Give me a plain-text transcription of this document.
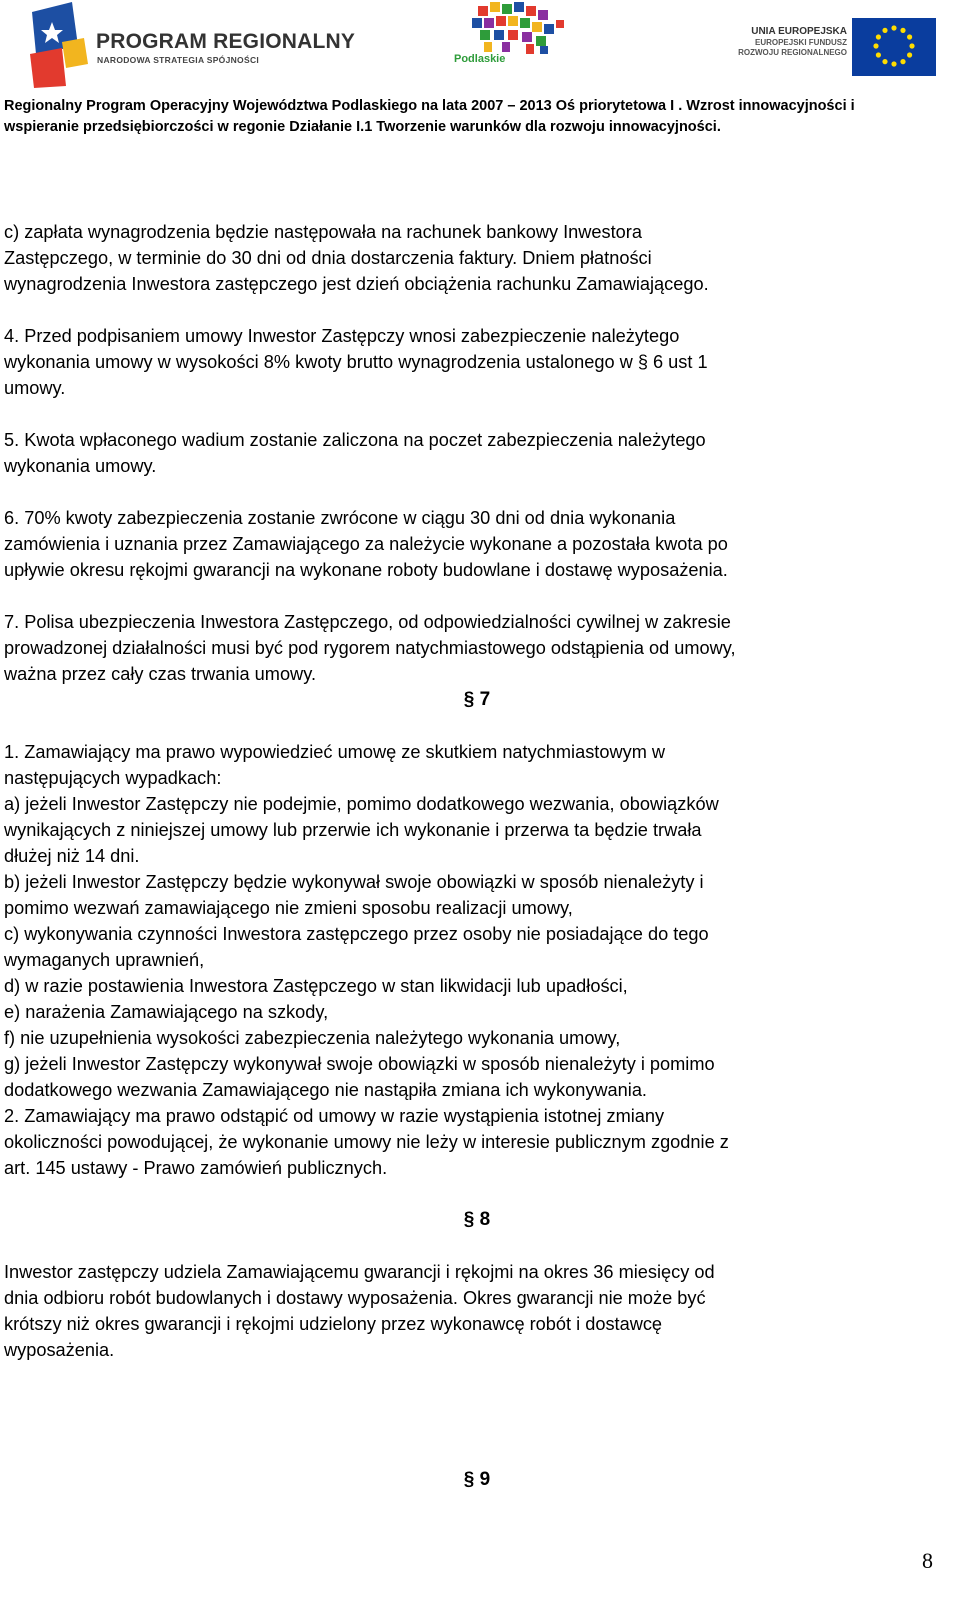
PROGRAM REGIONALNY
NARODOWA STRATEGIA SPÓJNOŚCI	Podlaskie
UNIA EUROPEJSKA
EUROPEJSKI FUNDUSZ
ROZWOJU REGIONALNEGO
Regionalny Program Operacyjny Województwa Podlaskiego na lata 2007 – 2013 Oś priorytetowa I . Wzrost innowacyjności i
wspieranie przedsiębiorczości w regonie Działanie I.1 Tworzenie warunków dla rozwoju innowacyjności.

c) zapłata wynagrodzenia będzie następowała na rachunek bankowy Inwestora

Zastępczego, w terminie do 30 dni od dnia dostarczenia faktury. Dniem płatności

wynagrodzenia Inwestora zastępczego jest dzień obciążenia rachunku Zamawiającego.

4. Przed podpisaniem umowy Inwestor Zastępczy wnosi zabezpieczenie należytego

wykonania umowy w wysokości 8% kwoty brutto wynagrodzenia ustalonego w § 6 ust 1

umowy.

5. Kwota wpłaconego wadium zostanie zaliczona na poczet zabezpieczenia należytego

wykonania umowy.

6. 70% kwoty zabezpieczenia zostanie zwrócone w ciągu 30 dni od dnia wykonania

zamówienia i uznania przez Zamawiającego za należycie wykonane a pozostała kwota po

upływie okresu rękojmi gwarancji na wykonane roboty budowlane i dostawę wyposażenia.

7. Polisa ubezpieczenia Inwestora Zastępczego, od odpowiedzialności cywilnej w zakresie

prowadzonej działalności musi być pod rygorem natychmiastowego odstąpienia od umowy,

ważna przez cały czas trwania umowy.

§ 7

1. Zamawiający ma prawo wypowiedzieć umowę ze skutkiem natychmiastowym w

następujących wypadkach:

a) jeżeli Inwestor Zastępczy nie podejmie, pomimo dodatkowego wezwania, obowiązków

wynikających z niniejszej umowy lub przerwie ich wykonanie i przerwa ta będzie trwała

dłużej niż 14 dni.

b) jeżeli Inwestor Zastępczy będzie wykonywał swoje obowiązki w sposób nienależyty i

pomimo wezwań zamawiającego nie zmieni sposobu realizacji umowy,

c) wykonywania czynności Inwestora zastępczego przez osoby nie posiadające do tego

wymaganych uprawnień,

d) w razie postawienia Inwestora Zastępczego w stan likwidacji lub upadłości,

e) narażenia Zamawiającego na szkody,

f) nie uzupełnienia wysokości zabezpieczenia należytego wykonania umowy,

g) jeżeli Inwestor Zastępczy wykonywał swoje obowiązki w sposób nienależyty i pomimo

dodatkowego wezwania Zamawiającego nie nastąpiła zmiana ich wykonywania.

2. Zamawiający ma prawo odstąpić od umowy w razie wystąpienia istotnej zmiany

okoliczności powodującej, że wykonanie umowy nie leży w interesie publicznym zgodnie z

art. 145 ustawy - Prawo zamówień publicznych.

§ 8

Inwestor zastępczy udziela Zamawiającemu gwarancji i rękojmi na okres 36 miesięcy od

dnia odbioru robót budowlanych i dostawy wyposażenia. Okres gwarancji nie może być

krótszy niż okres gwarancji i rękojmi udzielony przez wykonawcę robót i dostawcę

wyposażenia.

§ 9
8
